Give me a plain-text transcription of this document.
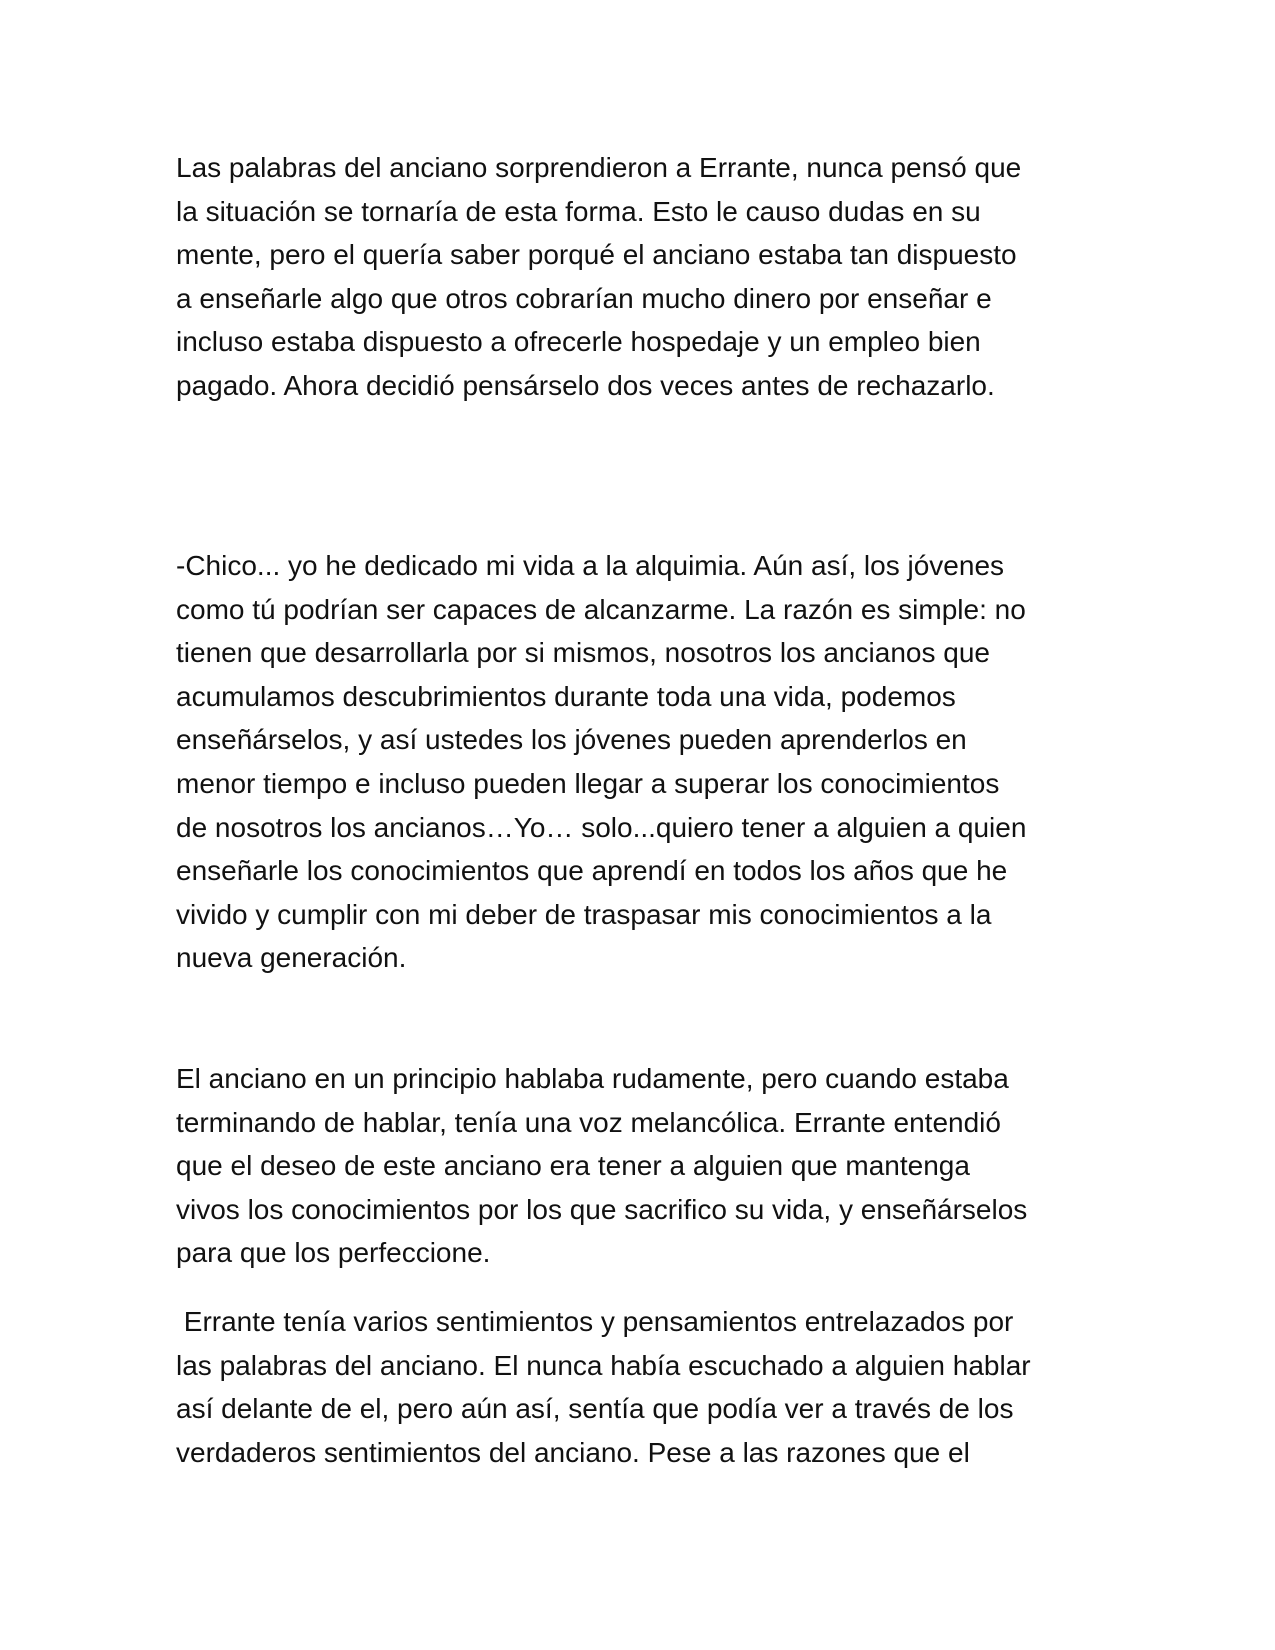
Las palabras del anciano sorprendieron a Errante, nunca pensó que
la situación se tornaría de esta forma. Esto le causo dudas en su
mente, pero el quería saber porqué el anciano estaba tan dispuesto
a enseñarle algo que otros cobrarían mucho dinero por enseñar e
incluso estaba dispuesto a ofrecerle hospedaje y un empleo bien
pagado. Ahora decidió pensárselo dos veces antes de rechazarlo.

-Chico... yo he dedicado mi vida a la alquimia. Aún así, los jóvenes
como tú podrían ser capaces de alcanzarme. La razón es simple: no
tienen que desarrollarla por si mismos, nosotros los ancianos que
acumulamos descubrimientos durante toda una vida, podemos
enseñárselos, y así ustedes los jóvenes pueden aprenderlos en
menor tiempo e incluso pueden llegar a superar los conocimientos
de nosotros los ancianos…Yo… solo...quiero tener a alguien a quien
enseñarle los conocimientos que aprendí en todos los años que he
vivido y cumplir con mi deber de traspasar mis conocimientos a la
nueva generación.

El anciano en un principio hablaba rudamente, pero cuando estaba
terminando de hablar, tenía una voz melancólica. Errante entendió
que el deseo de este anciano era tener a alguien que mantenga
vivos los conocimientos por los que sacrifico su vida, y enseñárselos
para que los perfeccione.

Errante tenía varios sentimientos y pensamientos entrelazados por
las palabras del anciano. El nunca había escuchado a alguien hablar
así delante de el, pero aún así, sentía que podía ver a través de los
verdaderos sentimientos del anciano. Pese a las razones que el
